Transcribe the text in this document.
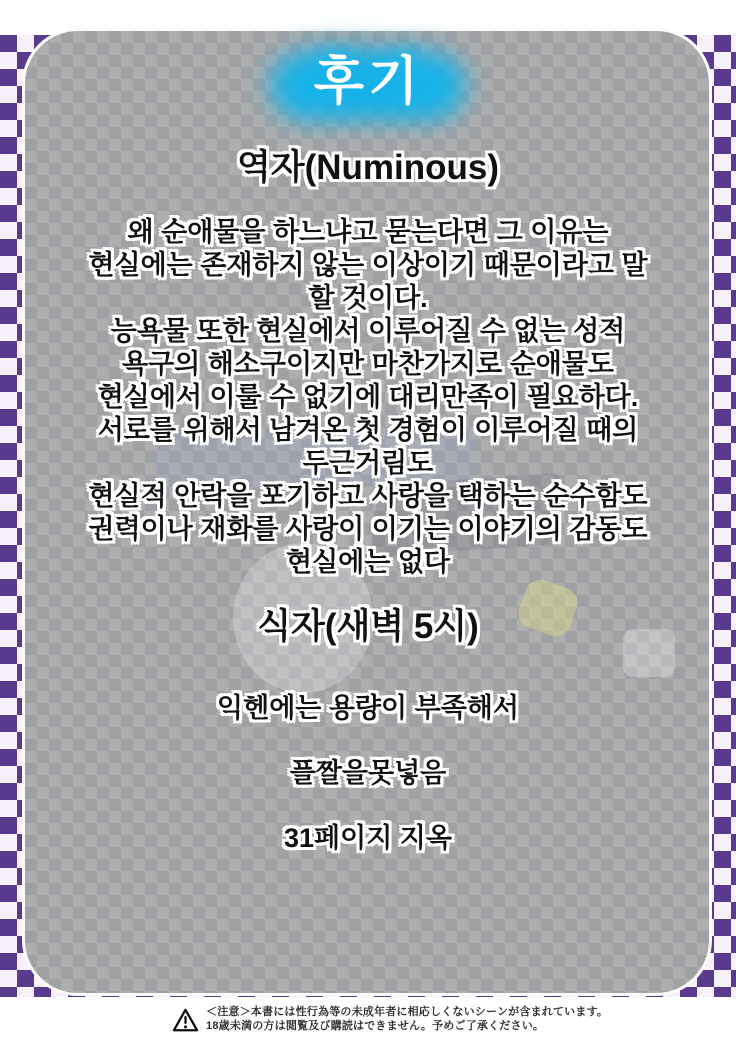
후기
역자(Numinous)
왜 순애물을 하느냐고 묻는다면 그 이유는
현실에는 존재하지 않는 이상이기 때문이라고 말
할 것이다.
능욕물 또한 현실에서 이루어질 수 없는 성적
욕구의 해소구이지만 마찬가지로 순애물도
현실에서 이룰 수 없기에 대리만족이 필요하다.
서로를 위해서 남겨온 첫 경험이 이루어질 때의
두근거림도
현실적 안락을 포기하고 사랑을 택하는 순수함도
권력이나 재화를 사랑이 이기는 이야기의 감동도
현실에는 없다
식자(새벽 5시)
익헨에는 용량이 부족해서
플짤을못넣음
31페이지 지옥
＜注意＞本書には性行為等の未成年者に相応しくないシーンが含まれています。
18歳未満の方は閲覧及び購読はできません。予めご了承ください。
